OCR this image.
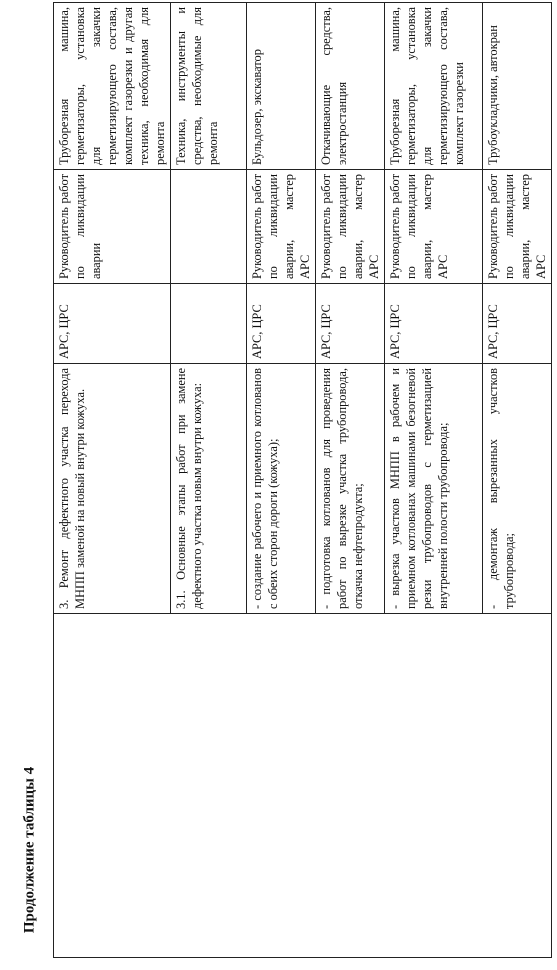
Продолжение таблицы 4
	3. Ремонт дефектного участка перехода МНПП заменой на новый внутри кожуха.	АРС, ЦРС	Руководитель работ по ликвидации аварии	Труборезная машина, герметизаторы, установка для закачки герметизирующего состава, комплект газорезки и другая техника, необходимая для ремонта
	3.1. Основные этапы работ при замене дефектного участка новым внутри кожуха:			Техника, инструменты и средства, необходимые для ремонта
	- создание рабочего и приемного котлованов с обеих сторон дороги (кожуха);	АРС, ЦРС	Руководитель работ по ликвидации аварии, мастер АРС	Бульдозер, экскаватор
	- подготовка котлованов для проведения работ по вырезке участка трубопровода, откачка нефтепродукта;	АРС, ЦРС	Руководитель работ по ликвидации аварии, мастер АРС	Откачивающие средства, электростанция
	- вырезка участков МНПП в рабочем и приемном котлованах машинами безогневой резки трубопроводов с герметизацией внутренней полости трубопровода;	АРС, ЦРС	Руководитель работ по ликвидации аварии, мастер АРС	Труборезная машина, герметизаторы, установка для закачки герметизирующего состава, комплект газорезки
	- демонтаж вырезанных участков трубопровода;	АРС, ЦРС	Руководитель работ по ликвидации аварии, мастер АРС	Трубоукладчики, автокран
